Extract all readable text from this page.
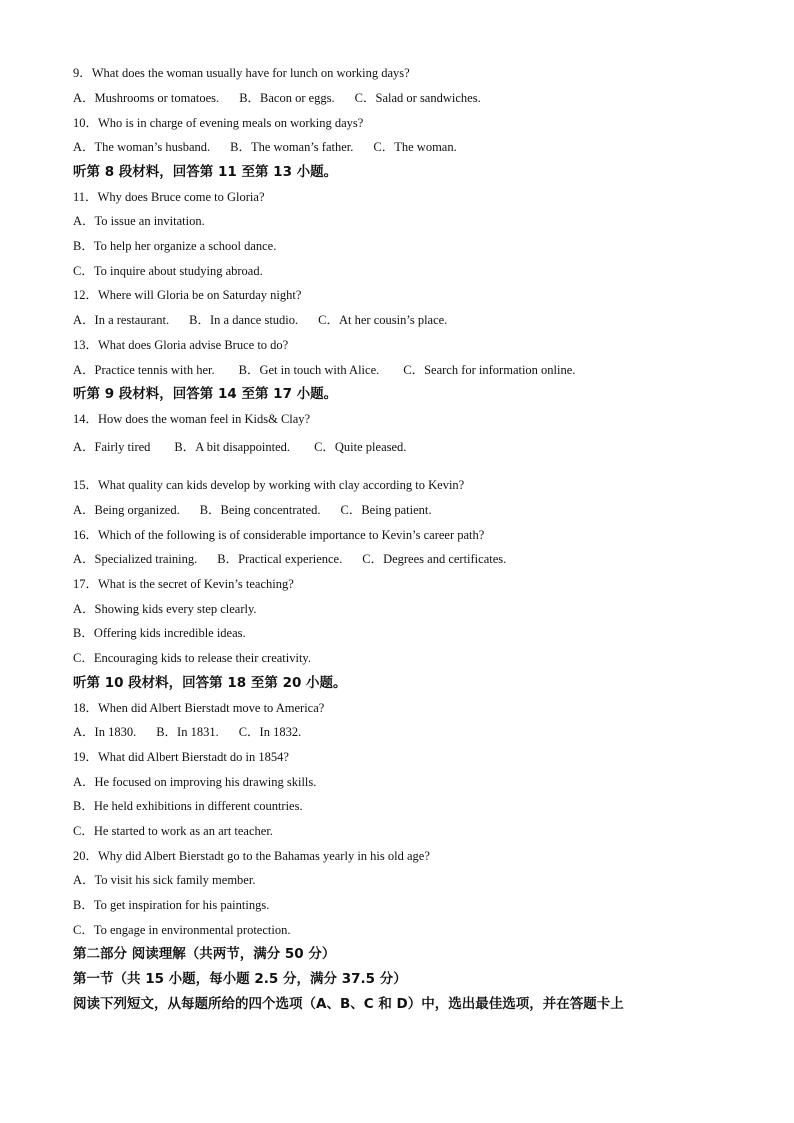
9．What does the woman usually have for lunch on working days?
A．Mushrooms or tomatoes. B．Bacon or eggs. C．Salad or sandwiches.
10．Who is in charge of evening meals on working days?
A．The woman’s husband. B．The woman’s father. C．The woman.
听第 8 段材料，回答第 11 至第 13 小题。
11．Why does Bruce come to Gloria?
A．To issue an invitation.
B．To help her organize a school dance.
C．To inquire about studying abroad.
12．Where will Gloria be on Saturday night?
A．In a restaurant. B．In a dance studio. C．At her cousin’s place.
13．What does Gloria advise Bruce to do?
A．Practice tennis with her. B．Get in touch with Alice. C．Search for information online.
听第 9 段材料，回答第 14 至第 17 小题。
14．How does the woman feel in Kids& Clay?
A．Fairly tired B．A bit disappointed. C．Quite pleased.
15．What quality can kids develop by working with clay according to Kevin?
A．Being organized. B．Being concentrated. C．Being patient.
16．Which of the following is of considerable importance to Kevin’s career path?
A．Specialized training. B．Practical experience. C．Degrees and certificates.
17．What is the secret of Kevin’s teaching?
A．Showing kids every step clearly.
B．Offering kids incredible ideas.
C．Encouraging kids to release their creativity.
听第 10 段材料，回答第 18 至第 20 小题。
18．When did Albert Bierstadt move to America?
A．In 1830. B．In 1831. C．In 1832.
19．What did Albert Bierstadt do in 1854?
A．He focused on improving his drawing skills.
B．He held exhibitions in different countries.
C．He started to work as an art teacher.
20．Why did Albert Bierstadt go to the Bahamas yearly in his old age?
A．To visit his sick family member.
B．To get inspiration for his paintings.
C．To engage in environmental protection.
第二部分 阅读理解（共两节，满分 50 分）
第一节（共 15 小题，每小题 2.5 分，满分 37.5 分）
阅读下列短文，从每题所给的四个选项（A、B、C 和 D）中，选出最佳选项，并在答题卡上
